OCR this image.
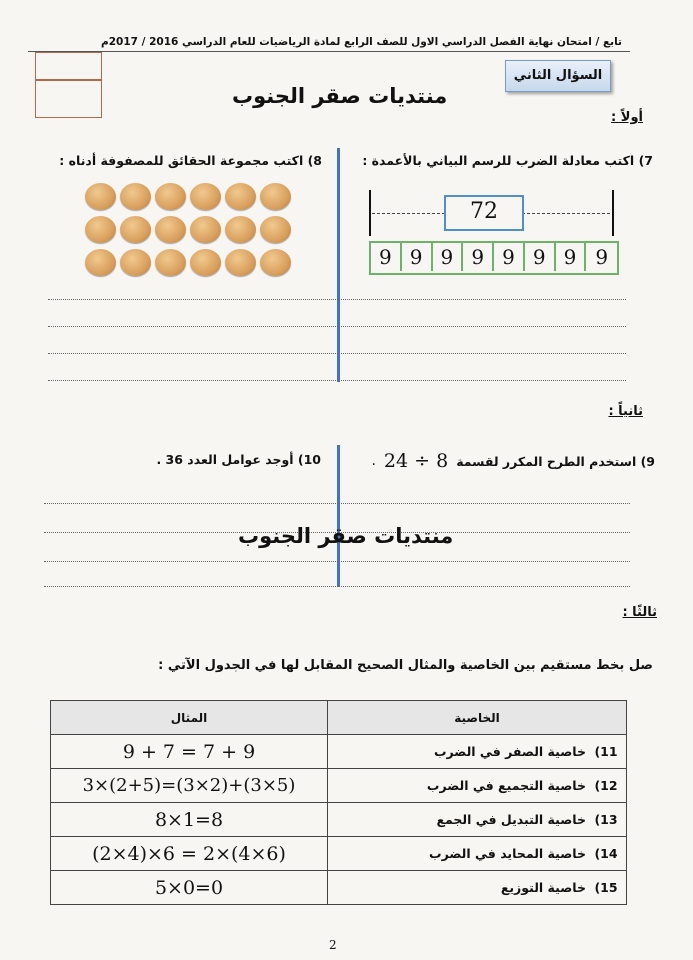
تابع / امتحان نهاية الفصل الدراسي الاول للصف الرابع لمادة الرياضيات للعام الدراسي 2016 / 2017م
السؤال الثاني
منتديات صقر الجنوب
أولاً :
7) اكتب معادلة الضرب للرسم البياني بالأعمدة :
72
9 9 9 9 9 9 9 9
8) اكتب مجموعة الحقائق للمصفوفة أدناه :
ثانياً :
9) استخدم الطرح المكرر لقسمة
24 ÷ 8
.
10) أوجد عوامل العدد 36 .
منتديات صقر الجنوب
ثالثًا :
صل بخط مستقيم بين الخاصية والمثال الصحيح المقابل لها في الجدول الآتي :
المثال	الخاصية
9 + 7 = 7 + 9	11)خاصية الصفر في الضرب
3×(2+5)=(3×2)+(3×5)	12)خاصية التجميع في الضرب
8×1=8	13)خاصية التبديل في الجمع
(2×4)×6 = 2×(4×6)	14)خاصية المحايد في الضرب
5×0=0	15)خاصية التوزيع
2
